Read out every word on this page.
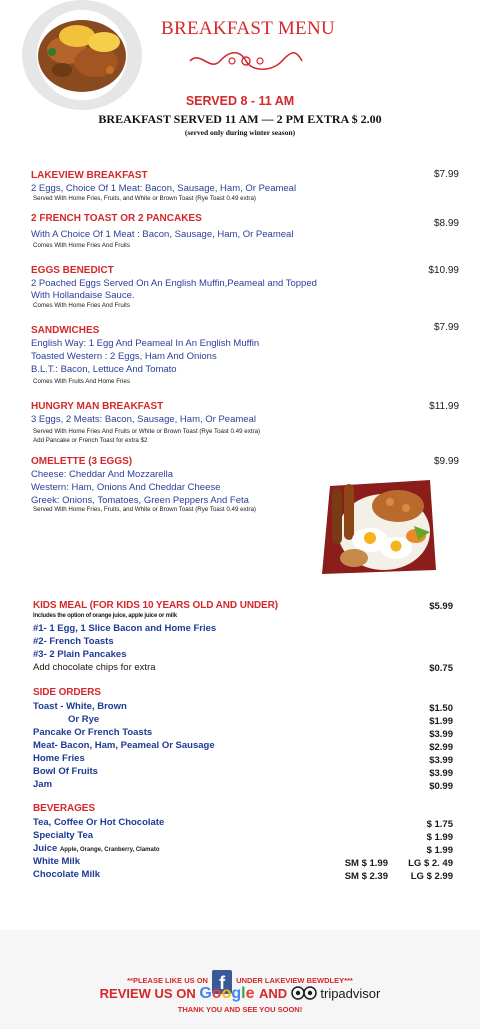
BREAKFAST MENU
SERVED 8 - 11 AM
BREAKFAST SERVED 11 AM — 2 PM EXTRA $ 2.00
(served only during winter season)
LAKEVIEW BREAKFAST	$7.99
2 Eggs, Choice Of 1 Meat: Bacon, Sausage, Ham, Or Peameal
Served With Home Fries, Fruits, and White or Brown Toast (Rye Toast 0.49 extra)
2 FRENCH TOAST OR 2 PANCAKES	$8.99
With A Choice Of 1 Meat : Bacon, Sausage, Ham, Or Peameal
Comes With Home Fries And Fruits
EGGS BENEDICT	$10.99
2 Poached Eggs Served On An English Muffin,Peameal and Topped
With Hollandaise Sauce.
Comes With Home Fries And Fruits
SANDWICHES	$7.99
English Way: 1 Egg And Peameal In An English Muffin
Toasted Western : 2 Eggs, Ham And Onions
B.L.T.: Bacon, Lettuce And Tomato
Comes With Fruits And Home Fries
HUNGRY MAN BREAKFAST	$11.99
3 Eggs, 2 Meats: Bacon, Sausage, Ham, Or Peameal
Served With Home Fries And Fruits or White or Brown Toast (Rye Toast 0.49 extra)
Add Pancake or French Toast for extra $2
OMELETTE (3 EGGS)	$9.99
Cheese: Cheddar And Mozzarella
Western: Ham, Onions And Cheddar Cheese
Greek: Onions, Tomatoes, Green Peppers And Feta
Served With Home Fries, Fruits, and White or Brown Toast (Rye Toast 0.49 extra)
KIDS MEAL (FOR KIDS 10 YEARS OLD AND UNDER)	$5.99
Includes the option of orange juice, apple juice or milk
#1- 1 Egg, 1 Slice Bacon and Home Fries
#2- French Toasts
#3- 2 Plain Pancakes
Add chocolate chips for extra	$0.75
SIDE ORDERS
Toast - White, Brown	$1.50
Or Rye	$1.99
Pancake Or French Toasts	$3.99
Meat- Bacon, Ham, Peameal Or Sausage	$2.99
Home Fries	$3.99
Bowl Of Fruits	$3.99
Jam	$0.99
BEVERAGES
Tea, Coffee Or Hot Chocolate	$ 1.75
Specialty Tea	$ 1.99
Juice Apple, Orange, Cranberry, Clamato	$ 1.99
White Milk	SM $ 1.99 LG $ 2. 49
Chocolate Milk	SM $ 2.39 LG $ 2.99
**PLEASE LIKE US ON f UNDER LAKEVIEW BEWDLEY***
REVIEW US ON Google AND	tripadvisor
THANK YOU AND SEE YOU SOON!
